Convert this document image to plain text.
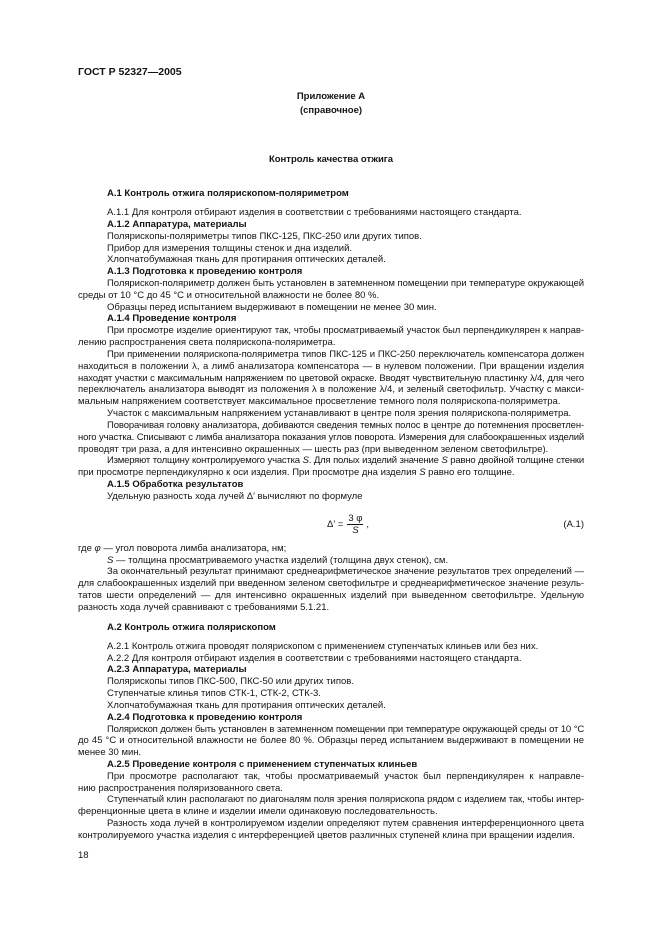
ГОСТ Р 52327—2005
Приложение А
(справочное)
Контроль качества отжига
А.1 Контроль отжига полярископом-поляриметром
А.1.1 Для контроля отбирают изделия в соответствии с требованиями настоящего стандарта.
А.1.2 Аппаратура, материалы
Полярископы-поляриметры типов ПКС-125, ПКС-250 или других типов.
Прибор для измерения толщины стенок и дна изделий.
Хлопчатобумажная ткань для протирания оптических деталей.
А.1.3 Подготовка к проведению контроля
Полярископ-поляриметр должен быть установлен в затемненном помещении при температуре окружающей
среды от 10 °С до 45 °С и относительной влажности не более 80 %.
Образцы перед испытанием выдерживают в помещении не менее 30 мин.
А.1.4 Проведение контроля
При просмотре изделие ориентируют так, чтобы просматриваемый участок был перпендикулярен к направ-
лению распространения света полярископа-поляриметра.
При применении полярископа-поляриметра типов ПКС-125 и ПКС-250 переключатель компенсатора должен
находиться в положении λ, а лимб анализатора компенсатора — в нулевом положении. При вращении изделия
находят участки с максимальным напряжением по цветовой окраске. Вводят чувствительную пластинку λ/4, для чего
переключатель анализатора выводят из положения λ в положение λ/4, и зеленый светофильтр. Участку с макси-
мальным напряжением соответствует максимальное просветление темного поля полярископа-поляриметра.
Участок с максимальным напряжением устанавливают в центре поля зрения полярископа-поляриметра.
Поворачивая головку анализатора, добиваются сведения темных полос в центре до потемнения просветлен-
ного участка. Списывают с лимба анализатора показания углов поворота. Измерения для слабоокрашенных изделий
проводят три раза, а для интенсивно окрашенных — шесть раз (при выведенном зеленом светофильтре).
Измеряют толщину контролируемого участка S. Для полых изделий значение S равно двойной толщине стенки
при просмотре перпендикулярно к оси изделия. При просмотре дна изделия S равно его толщине.
А.1.5 Обработка результатов
Удельную разность хода лучей Δ′ вычисляют по формуле
$\Delta' = \frac{3 \varphi}{S}$ ,	(А.1)
где φ — угол поворота лимба анализатора, нм;
S — толщина просматриваемого участка изделий (толщина двух стенок), см.
За окончательный результат принимают среднеарифметическое значение результатов трех определений —
для слабоокрашенных изделий при введенном зеленом светофильтре и среднеарифметическое значение резуль-
татов шести определений — для интенсивно окрашенных изделий при выведенном светофильтре. Удельную
разность хода лучей сравнивают с требованиями 5.1.21.
А.2 Контроль отжига полярископом
А.2.1 Контроль отжига проводят полярископом с применением ступенчатых клиньев или без них.
А.2.2 Для контроля отбирают изделия в соответствии с требованиями настоящего стандарта.
А.2.3 Аппаратура, материалы
Полярископы типов ПКС-500, ПКС-50 или других типов.
Ступенчатые клинья типов СТК-1, СТК-2, СТК-3.
Хлопчатобумажная ткань для протирания оптических деталей.
А.2.4 Подготовка к проведению контроля
Полярископ должен быть установлен в затемненном помещении при температуре окружающей среды от 10 °С
до 45 °С и относительной влажности не более 80 %. Образцы перед испытанием выдерживают в помещении не
менее 30 мин.
А.2.5 Проведение контроля с применением ступенчатых клиньев
При просмотре располагают так, чтобы просматриваемый участок был перпендикулярен к направле-
нию распространения поляризованного света.
Ступенчатый клин располагают по диагоналям поля зрения полярископа рядом с изделием так, чтобы интер-
ференционные цвета в клине и изделии имели одинаковую последовательность.
Разность хода лучей в контролируемом изделии определяют путем сравнения интерференционного цвета
контролируемого участка изделия с интерференцией цветов различных ступеней клина при вращении изделия.
18
